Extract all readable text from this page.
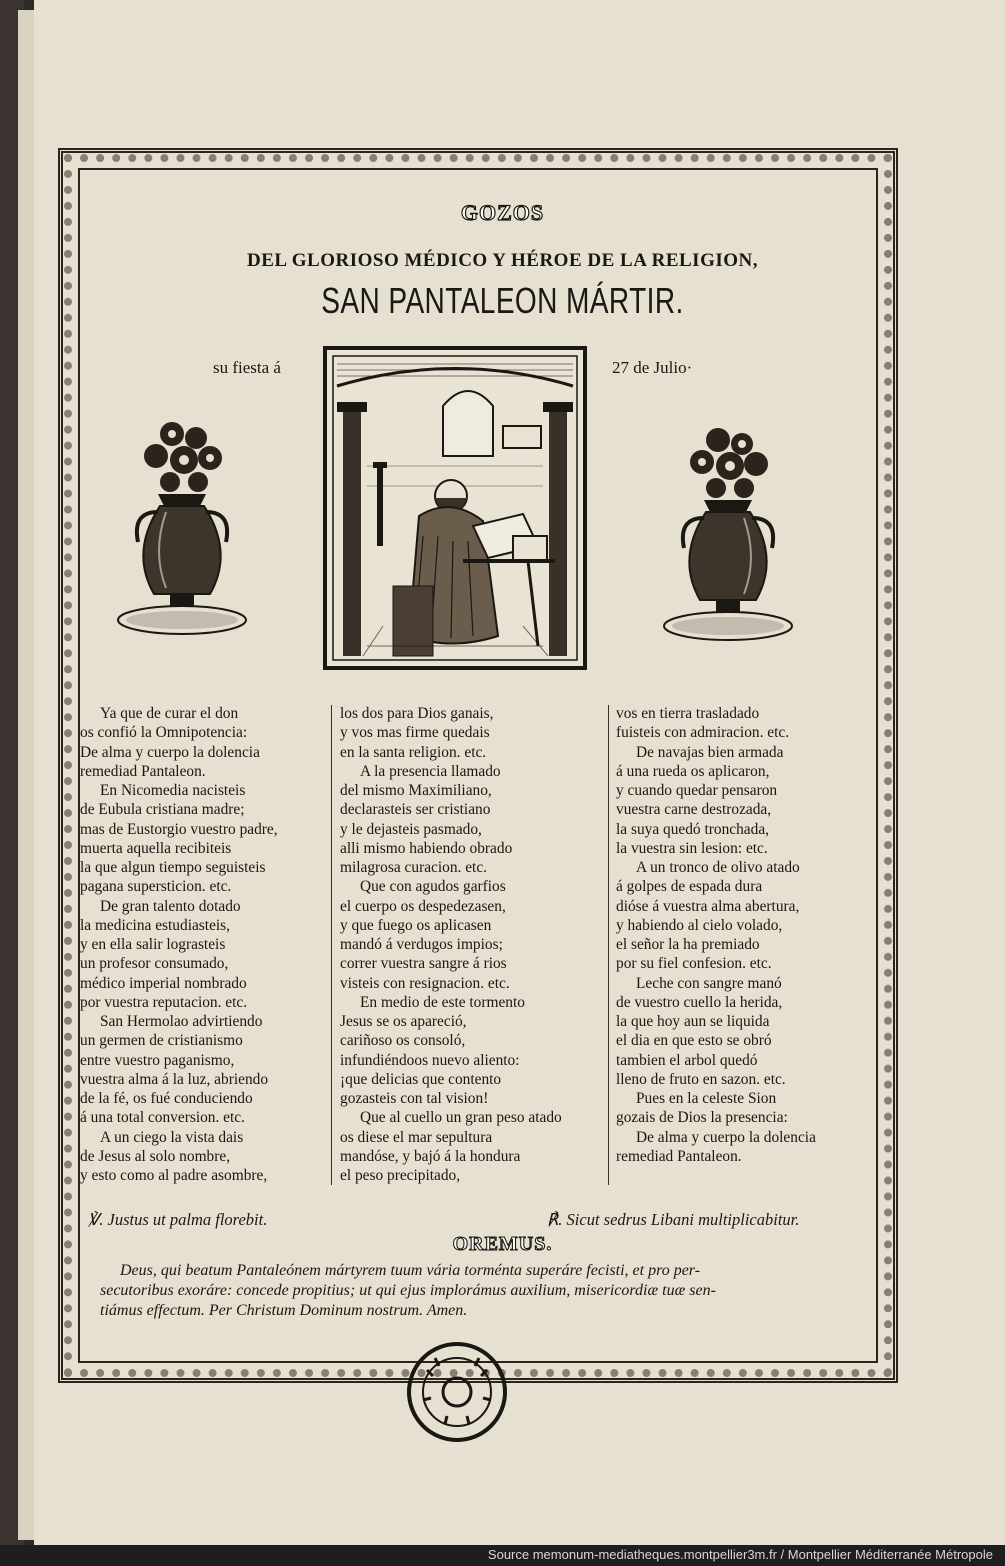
GOZOS
DEL GLORIOSO MÉDICO Y HÉROE DE LA RELIGION,
SAN PANTALEON MÁRTIR.
su fiesta á	27 de Julio·
Ya que de curar el don
os confió la Omnipotencia:
De alma y cuerpo la dolencia
remediad Pantaleon.
En Nicomedia nacisteis
de Eubula cristiana madre;
mas de Eustorgio vuestro padre,
muerta aquella recibiteis
la que algun tiempo seguisteis
pagana supersticion. etc.
De gran talento dotado
la medicina estudiasteis,
y en ella salir lograsteis
un profesor consumado,
médico imperial nombrado
por vuestra reputacion. etc.
San Hermolao advirtiendo
un germen de cristianismo
entre vuestro paganismo,
vuestra alma á la luz, abriendo
de la fé, os fué conduciendo
á una total conversion. etc.
A un ciego la vista dais
de Jesus al solo nombre,
y esto como al padre asombre,
los dos para Dios ganais,
y vos mas firme quedais
en la santa religion. etc.
A la presencia llamado
del mismo Maximiliano,
declarasteis ser cristiano
y le dejasteis pasmado,
alli mismo habiendo obrado
milagrosa curacion. etc.
Que con agudos garfios
el cuerpo os despedezasen,
y que fuego os aplicasen
mandó á verdugos impios;
correr vuestra sangre á rios
visteis con resignacion. etc.
En medio de este tormento
Jesus se os apareció,
cariñoso os consoló,
infundiéndoos nuevo aliento:
¡que delicias que contento
gozasteis con tal vision!
Que al cuello un gran peso atado
os diese el mar sepultura
mandóse, y bajó á la hondura
el peso precipitado,
vos en tierra trasladado
fuisteis con admiracion. etc.
De navajas bien armada
á una rueda os aplicaron,
y cuando quedar pensaron
vuestra carne destrozada,
la suya quedó tronchada,
la vuestra sin lesion: etc.
A un tronco de olivo atado
á golpes de espada dura
dióse á vuestra alma abertura,
y habiendo al cielo volado,
el señor la ha premiado
por su fiel confesion. etc.
Leche con sangre manó
de vuestro cuello la herida,
la que hoy aun se liquida
el dia en que esto se obró
tambien el arbol quedó
lleno de fruto en sazon. etc.
Pues en la celeste Sion
gozais de Dios la presencia:
De alma y cuerpo la dolencia
remediad Pantaleon.
℣. Justus ut palma florebit.	℟. Sicut sedrus Libani multiplicabitur.
OREMUS.
Deus, qui beatum Pantaleónem mártyrem tuum vária torménta superáre fecisti, et pro per-
secutoribus exoráre: concede propitius; ut qui ejus implorámus auxilium, misericordiæ tuæ sen-
tiámus effectum. Per Christum Dominum nostrum. Amen.
Source memonum-mediatheques.montpellier3m.fr / Montpellier Méditerranée Métropole
